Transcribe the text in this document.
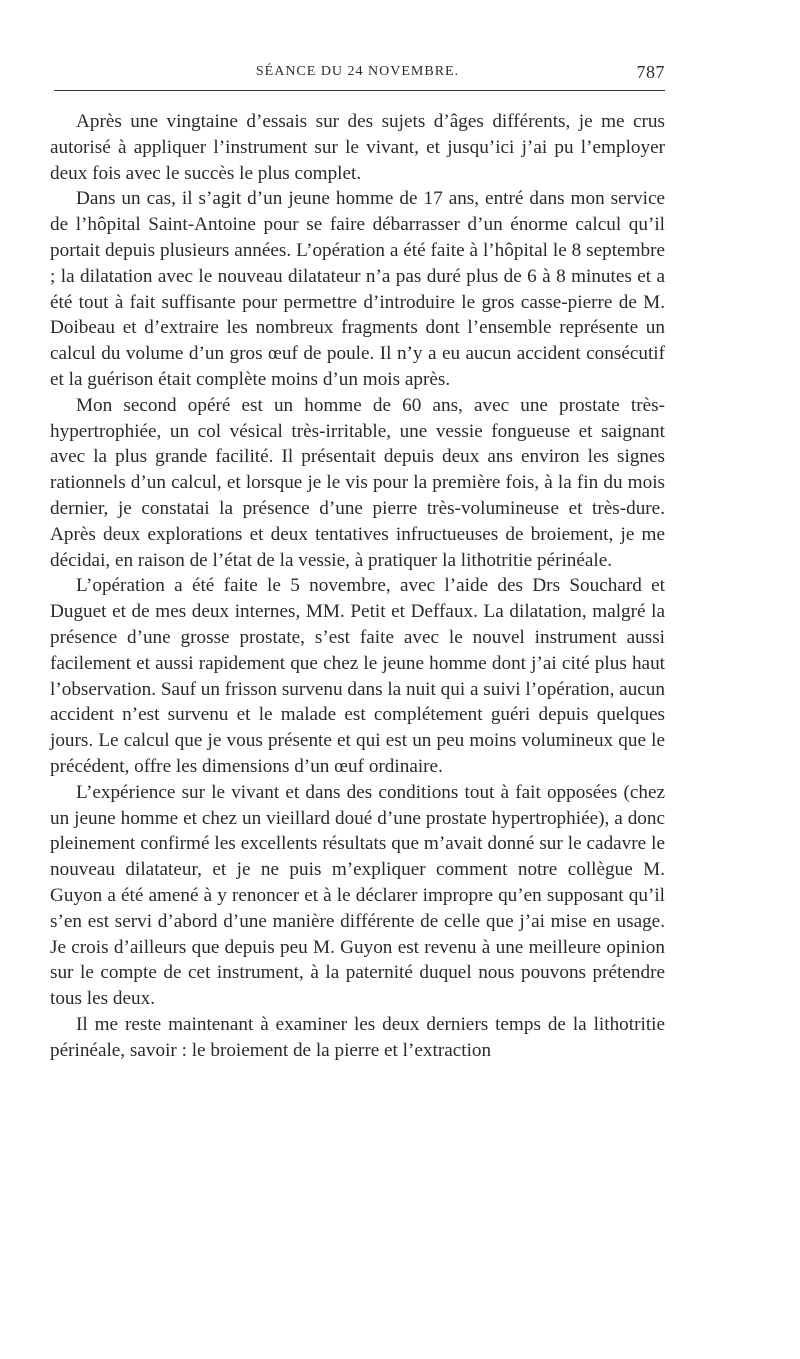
SÉANCE DU 24 NOVEMBRE.	787

Après une vingtaine d’essais sur des sujets d’âges différents, je me crus autorisé à appliquer l’instrument sur le vivant, et jusqu’ici j’ai pu l’employer deux fois avec le succès le plus complet.

Dans un cas, il s’agit d’un jeune homme de 17 ans, entré dans mon service de l’hôpital Saint-Antoine pour se faire débarrasser d’un énorme calcul qu’il portait depuis plusieurs années. L’opération a été faite à l’hôpital le 8 septembre ; la dilatation avec le nouveau dilatateur n’a pas duré plus de 6 à 8 minutes et a été tout à fait suffisante pour permettre d’introduire le gros casse-pierre de M. Doibeau et d’extraire les nombreux fragments dont l’ensemble représente un calcul du volume d’un gros œuf de poule. Il n’y a eu aucun accident consécutif et la guérison était complète moins d’un mois après.

Mon second opéré est un homme de 60 ans, avec une prostate très-hypertrophiée, un col vésical très-irritable, une vessie fongueuse et saignant avec la plus grande facilité. Il présentait depuis deux ans environ les signes rationnels d’un calcul, et lorsque je le vis pour la première fois, à la fin du mois dernier, je constatai la présence d’une pierre très-volumineuse et très-dure. Après deux explorations et deux tentatives infructueuses de broiement, je me décidai, en raison de l’état de la vessie, à pratiquer la lithotritie périnéale.

L’opération a été faite le 5 novembre, avec l’aide des Drs Souchard et Duguet et de mes deux internes, MM. Petit et Deffaux. La dilatation, malgré la présence d’une grosse prostate, s’est faite avec le nouvel instrument aussi facilement et aussi rapidement que chez le jeune homme dont j’ai cité plus haut l’observation. Sauf un frisson survenu dans la nuit qui a suivi l’opération, aucun accident n’est survenu et le malade est complétement guéri depuis quelques jours. Le calcul que je vous présente et qui est un peu moins volumineux que le précédent, offre les dimensions d’un œuf ordinaire.

L’expérience sur le vivant et dans des conditions tout à fait opposées (chez un jeune homme et chez un vieillard doué d’une prostate hypertrophiée), a donc pleinement confirmé les excellents résultats que m’avait donné sur le cadavre le nouveau dilatateur, et je ne puis m’expliquer comment notre collègue M. Guyon a été amené à y renoncer et à le déclarer impropre qu’en supposant qu’il s’en est servi d’abord d’une manière différente de celle que j’ai mise en usage. Je crois d’ailleurs que depuis peu M. Guyon est revenu à une meilleure opinion sur le compte de cet instrument, à la paternité duquel nous pouvons prétendre tous les deux.

Il me reste maintenant à examiner les deux derniers temps de la lithotritie périnéale, savoir : le broiement de la pierre et l’extraction
